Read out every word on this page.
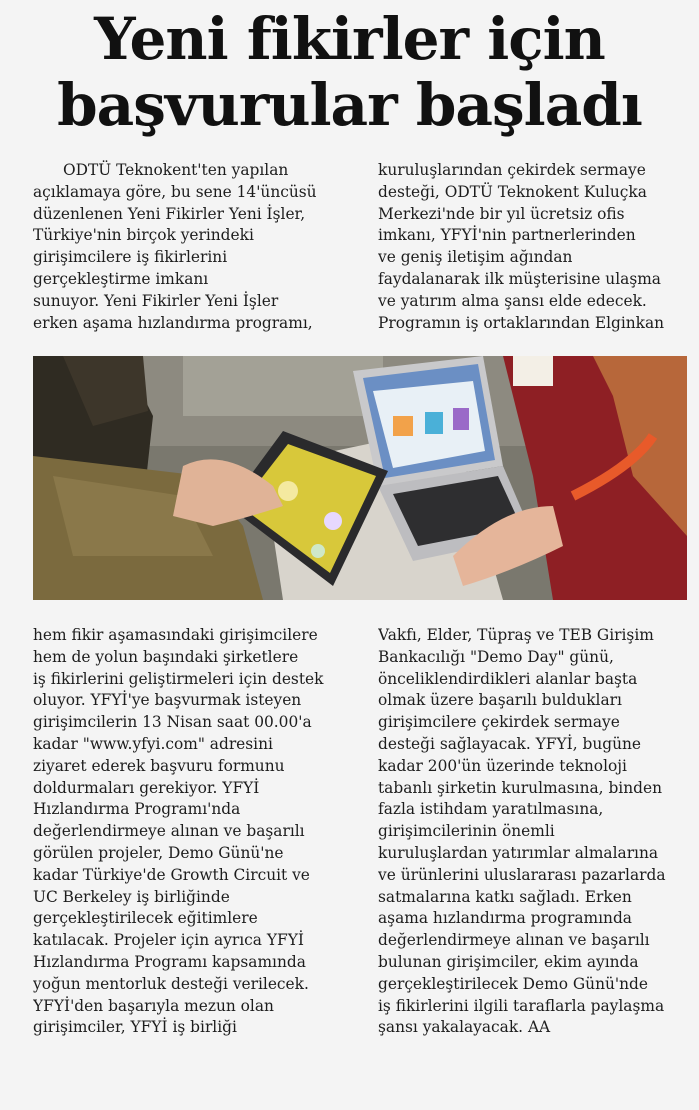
Yeni fikirler için
başvurular başladı
ODTÜ Teknokent'ten yapılan
açıklamaya göre, bu sene 14'üncüsü
düzenlenen Yeni Fikirler Yeni İşler,
Türkiye'nin birçok yerindeki
girişimcilere iş fikirlerini
gerçekleştirme imkanı
sunuyor. Yeni Fikirler Yeni İşler
erken aşama hızlandırma programı,
kuruluşlarından çekirdek sermaye
desteği, ODTÜ Teknokent Kuluçka
Merkezi'nde bir yıl ücretsiz ofis
imkanı, YFYİ'nin partnerlerinden
ve geniş iletişim ağından
faydalanarak ilk müşterisine ulaşma
ve yatırım alma şansı elde edecek.
Programın iş ortaklarından Elginkan
hem fikir aşamasındaki girişimcilere
hem de yolun başındaki şirketlere
iş fikirlerini geliştirmeleri için destek
oluyor. YFYİ'ye başvurmak isteyen
girişimcilerin 13 Nisan saat 00.00'a
kadar "www.yfyi.com" adresini
ziyaret ederek başvuru formunu
doldurmaları gerekiyor. YFYİ
Hızlandırma Programı'nda
değerlendirmeye alınan ve başarılı
görülen projeler, Demo Günü'ne
kadar Türkiye'de Growth Circuit ve
UC Berkeley iş birliğinde
gerçekleştirilecek eğitimlere
katılacak. Projeler için ayrıca YFYİ
Hızlandırma Programı kapsamında
yoğun mentorluk desteği verilecek.
YFYİ'den başarıyla mezun olan
girişimciler, YFYİ iş birliği
Vakfı, Elder, Tüpraş ve TEB Girişim
Bankacılığı "Demo Day" günü,
önceliklendirdikleri alanlar başta
olmak üzere başarılı buldukları
girişimcilere çekirdek sermaye
desteği sağlayacak. YFYİ, bugüne
kadar 200'ün üzerinde teknoloji
tabanlı şirketin kurulmasına, binden
fazla istihdam yaratılmasına,
girişimcilerinin önemli
kuruluşlardan yatırımlar almalarına
ve ürünlerini uluslararası pazarlarda
satmalarına katkı sağladı. Erken
aşama hızlandırma programında
değerlendirmeye alınan ve başarılı
bulunan girişimciler, ekim ayında
gerçekleştirilecek Demo Günü'nde
iş fikirlerini ilgili taraflarla paylaşma
şansı yakalayacak. AA
